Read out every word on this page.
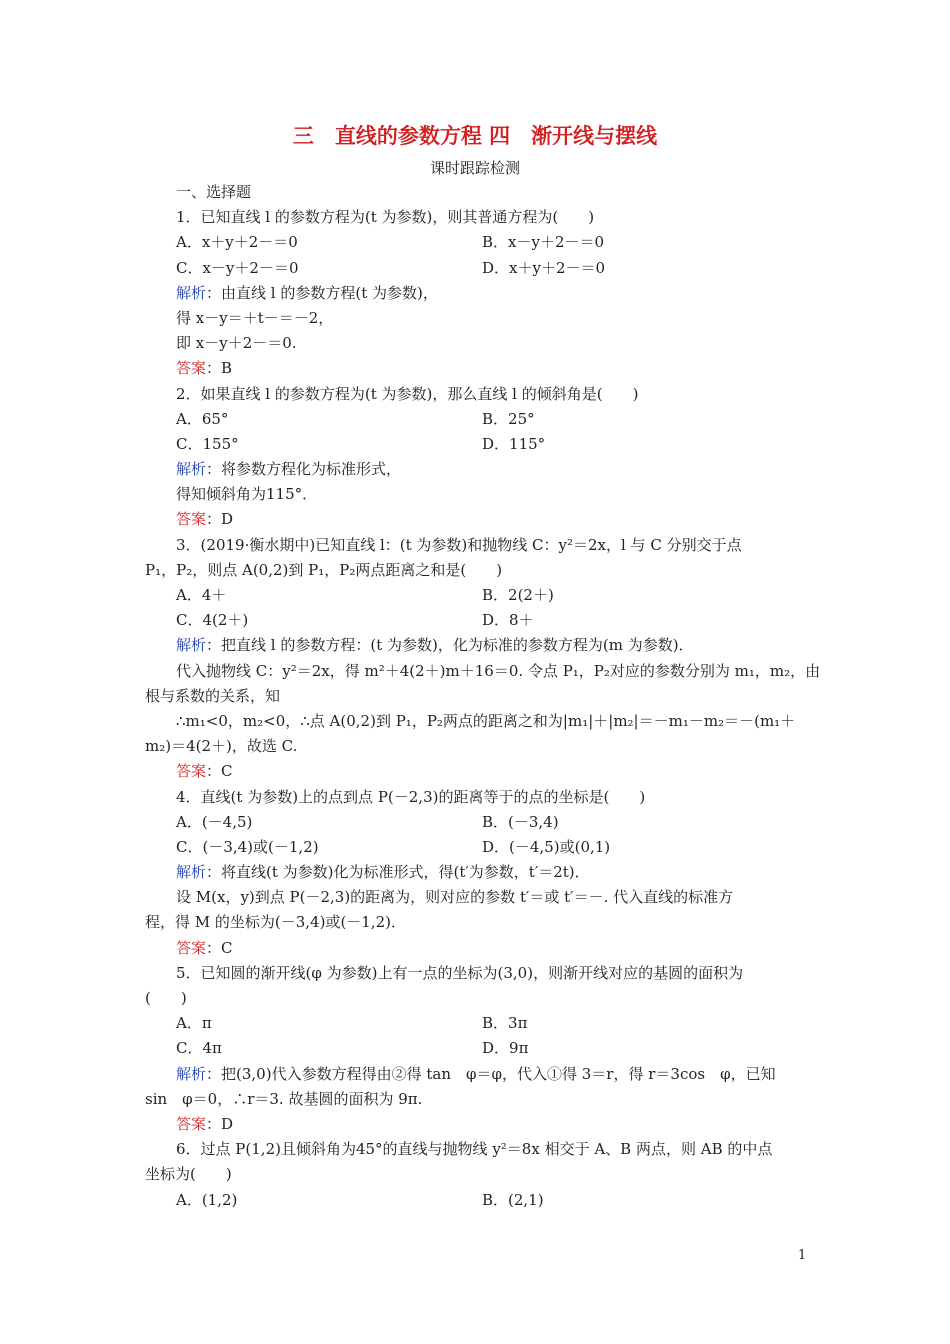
三　直线的参数方程 四　渐开线与摆线
课时跟踪检测
一、选择题
1．已知直线 l 的参数方程为(t 为参数)，则其普通方程为(　　)
A．x＋y＋2－＝0	B．x－y＋2－＝0
C．x－y＋2－＝0	D．x＋y＋2－＝0
解析：由直线 l 的参数方程(t 为参数)，
得 x－y＝＋t－＝－2，
即 x－y＋2－＝0.
答案：B
2．如果直线 l 的参数方程为(t 为参数)，那么直线 l 的倾斜角是(　　)
A．65°	B．25°
C．155°	D．115°
解析：将参数方程化为标准形式，
得知倾斜角为115°．
答案：D
3．(2019·衡水期中)已知直线 l：(t 为参数)和抛物线 C：y²＝2x，l 与 C 分别交于点
P₁，P₂，则点 A(0,2)到 P₁，P₂两点距离之和是(　　)
A．4＋	B．2(2＋)
C．4(2＋)	D．8＋
解析：把直线 l 的参数方程：(t 为参数)，化为标准的参数方程为(m 为参数)．
代入抛物线 C：y²＝2x，得 m²＋4(2＋)m＋16＝0. 令点 P₁，P₂对应的参数分别为 m₁，m₂，由
根与系数的关系，知
∴m₁<0，m₂<0，∴点 A(0,2)到 P₁，P₂两点的距离之和为|m₁|＋|m₂|＝－m₁－m₂＝－(m₁＋
m₂)＝4(2＋)，故选 C.
答案：C
4．直线(t 为参数)上的点到点 P(－2,3)的距离等于的点的坐标是(　　)
A．(－4,5)	B．(－3,4)
C．(－3,4)或(－1,2)	D．(－4,5)或(0,1)
解析：将直线(t 为参数)化为标准形式，得(t′为参数，t′＝2t)．
设 M(x，y)到点 P(－2,3)的距离为，则对应的参数 t′＝或 t′＝－. 代入直线的标准方
程，得 M 的坐标为(－3,4)或(－1,2)．
答案：C
5．已知圆的渐开线(φ 为参数)上有一点的坐标为(3,0)，则渐开线对应的基圆的面积为
(　　)
A．π	B．3π
C．4π	D．9π
解析：把(3,0)代入参数方程得由②得 tan　φ＝φ，代入①得 3＝r，得 r＝3cos　φ，已知
sin　φ＝0，∴r＝3. 故基圆的面积为 9π.
答案：D
6．过点 P(1,2)且倾斜角为45°的直线与抛物线 y²＝8x 相交于 A、B 两点，则 AB 的中点
坐标为(　　)
A．(1,2)	B．(2,1)
1
